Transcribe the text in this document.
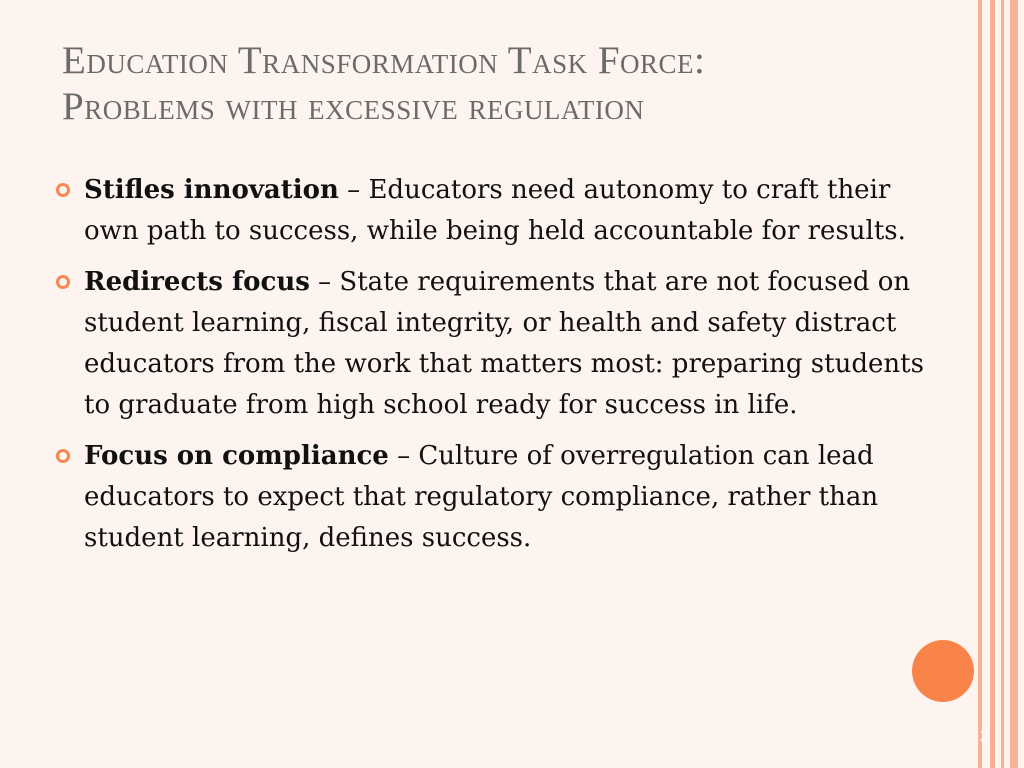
Education Transformation Task Force:
Problems with excessive regulation
Stifles innovation – Educators need autonomy to craft their own path to success, while being held accountable for results.
Redirects focus – State requirements that are not focused on student learning, fiscal integrity, or health and safety distract educators from the work that matters most: preparing students to graduate from high school ready for success in life.
Focus on compliance – Culture of overregulation can lead educators to expect that regulatory compliance, rather than student learning, defines success.
2
